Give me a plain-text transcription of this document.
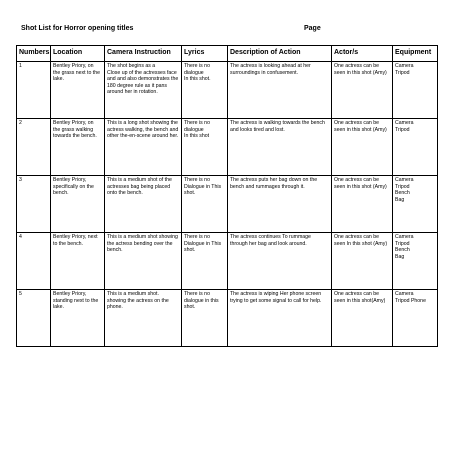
Shot List for Horror opening titles	Page
Numbers	Location	Camera Instruction	Lyrics	Description of Action	Actor/s	Equipment

1	Bentley Priory, on the grass next to the lake.	The shot begins as a
Close up of the actresses face and and also demonstrates the 180 degree rule as it pans around her in rotation.	There is no dialogue
In this shot.	The actress is looking ahead at her surroundings in confusement.	One actress can be seen in this shot (Amy)	Camera
Tripod

2	Bentley Priory, on the grass walking towards the bench.	This is a long shot showing the actress walking, the bench and other the-en-scene around her.	There is no dialogue
In this shot	The actress is walking towards the bench and looks tired and lost.	One actress can be seen in this shot (Amy)	Camera
Tripod

3	Bentley Priory, specifically on the bench.	This is a medium shot of the actresses bag being placed onto the bench.	There is no Dialogue in This shot.	The actress puts her bag down on the bench and rummages through it.	One actress can be seen in this shot (Amy)	Camera
Tripod
Bench
Bag

4	Bentley Priory, next to the bench.	This is a medium shot showing the actress bending over the bench.	There is no Dialogue in This shot.	The actress continues To rummage through her bag and look around.	One actress can be seen In this shot (Amy)	Camera
Tripod
Bench
Bag

5	Bentley Priory, standing next to the lake.	This is a medium shot. showing the actress on the phone.	There is no dialogue in this shot.	The actress is wiping Her phone screen trying to get some signal to call for help.	One actress can be seen in this shot(Amy)	Camera
Tripod Phone
